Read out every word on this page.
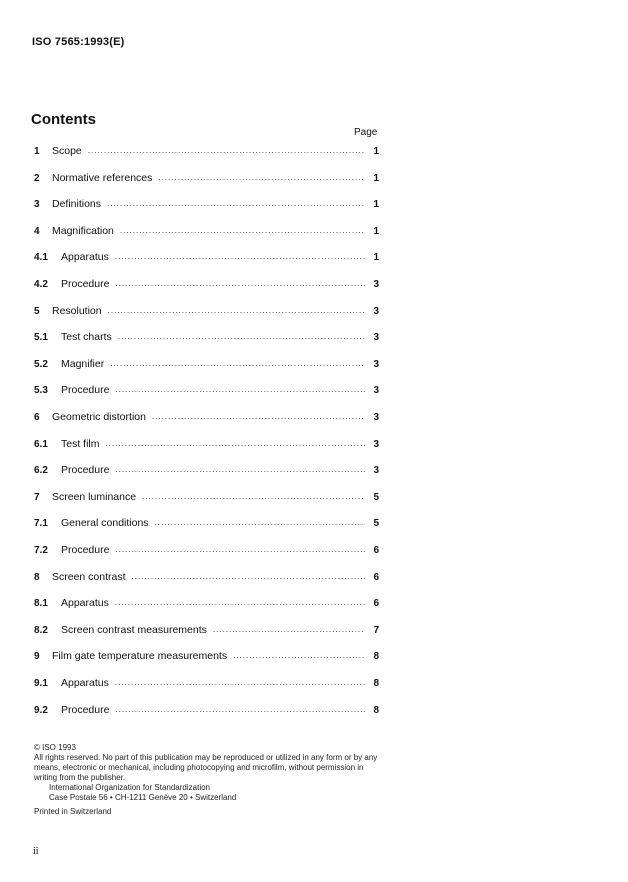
ISO 7565:1993(E)
Contents
Page
1	Scope .....	1
2	Normative references .....	1
3	Definitions .....	1
4	Magnification .....	1
4.1	Apparatus .....	1
4.2	Procedure .....	3
5	Resolution .....	3
5.1	Test charts .....	3
5.2	Magnifier .....	3
5.3	Procedure .....	3
6	Geometric distortion .....	3
6.1	Test film .....	3
6.2	Procedure .....	3
7	Screen luminance .....	5
7.1	General conditions .....	5
7.2	Procedure .....	6
8	Screen contrast .....	6
8.1	Apparatus .....	6
8.2	Screen contrast measurements .....	7
9	Film gate temperature measurements .....	8
9.1	Apparatus .....	8
9.2	Procedure .....	8

© ISO 1993

All rights reserved. No part of this publication may be reproduced or utilized in any form or by any means, electronic or mechanical, including photocopying and microfilm, without permission in writing from the publisher.

International Organization for Standardization

Case Postale 56 • CH-1211 Genève 20 • Switzerland

Printed in Switzerland

ii
